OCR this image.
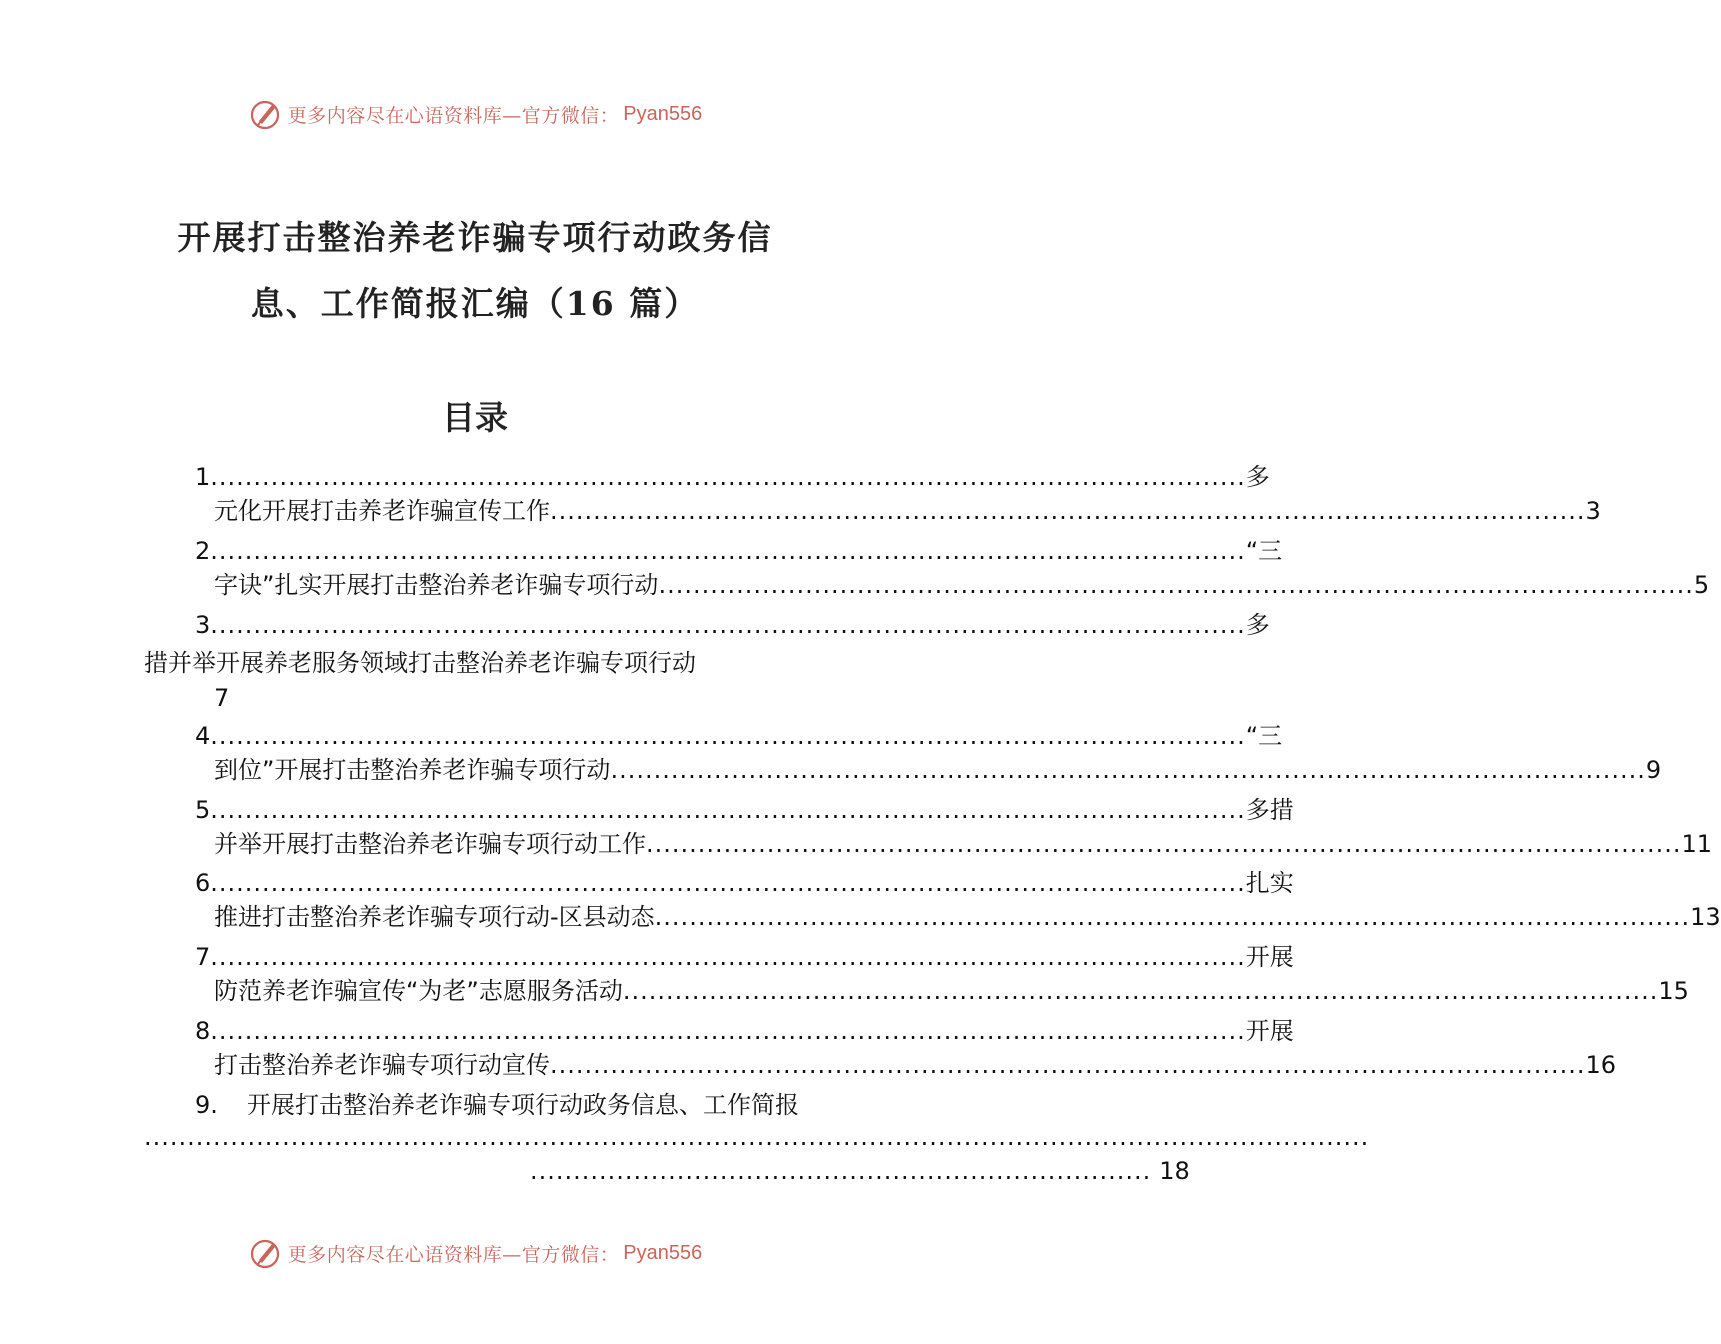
更多内容尽在心语资料库—官方微信： Pyan556
开展打击整治养老诈骗专项行动政务信
息、工作简报汇编（16 篇）
目录
1 ........................................................................................................................ 多
元化开展打击养老诈骗宣传工作 ........................................................................................................................ 3
2 ........................................................................................................................ “三
字诀”扎实开展打击整治养老诈骗专项行动 ........................................................................................................................ 5
3 ........................................................................................................................ 多
措并举开展养老服务领域打击整治养老诈骗专项行动
7
4 ........................................................................................................................ “三
到位”开展打击整治养老诈骗专项行动 ........................................................................................................................ 9
5 ........................................................................................................................ 多措
并举开展打击整治养老诈骗专项行动工作 ........................................................................................................................ 11
6 ........................................................................................................................ 扎实
推进打击整治养老诈骗专项行动-区县动态 ........................................................................................................................ 13
7 ........................................................................................................................ 开展
防范养老诈骗宣传“为老”志愿服务活动 ........................................................................................................................ 15
8 ........................................................................................................................ 开展
打击整治养老诈骗专项行动宣传 ........................................................................................................................ 16
9.	开展打击整治养老诈骗专项行动政务信息、工作简报
..............................................................................................................................................
........................................................................ 18
更多内容尽在心语资料库—官方微信： Pyan556
